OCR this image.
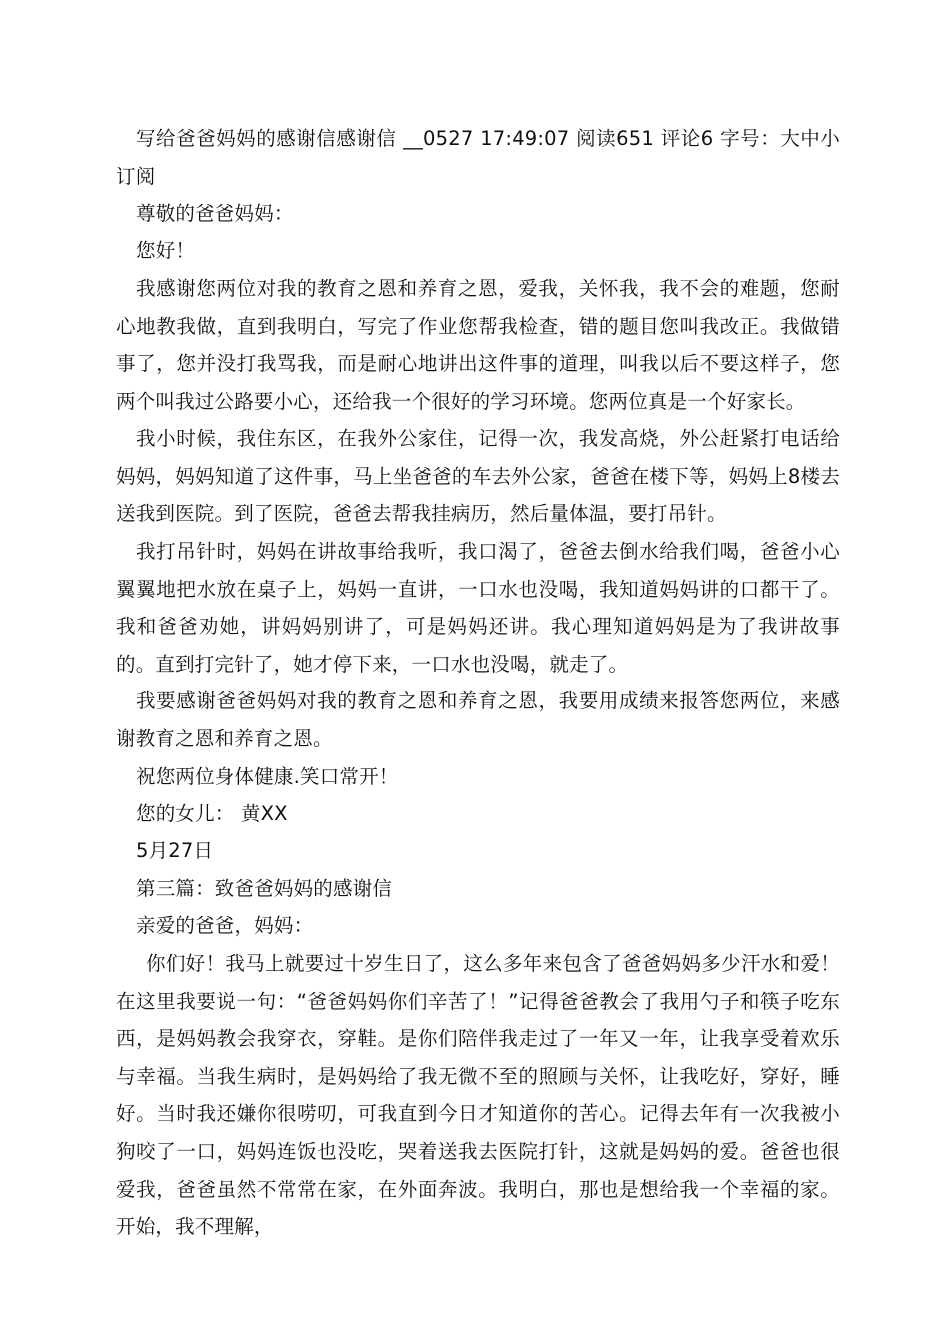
写给爸爸妈妈的感谢信感谢信 __0527 17:49:07 阅读651 评论6 字号：大中小 订阅

尊敬的爸爸妈妈：

您好！

我感谢您两位对我的教育之恩和养育之恩，爱我，关怀我，我不会的难题，您耐心地教我做，直到我明白，写完了作业您帮我检查，错的题目您叫我改正。我做错事了，您并没打我骂我，而是耐心地讲出这件事的道理，叫我以后不要这样子，您两个叫我过公路要小心，还给我一个很好的学习环境。您两位真是一个好家长。

我小时候，我住东区，在我外公家住，记得一次，我发高烧，外公赶紧打电话给妈妈，妈妈知道了这件事，马上坐爸爸的车去外公家，爸爸在楼下等，妈妈上8楼去送我到医院。到了医院，爸爸去帮我挂病历，然后量体温，要打吊针。

我打吊针时，妈妈在讲故事给我听，我口渴了，爸爸去倒水给我们喝，爸爸小心翼翼地把水放在桌子上，妈妈一直讲，一口水也没喝，我知道妈妈讲的口都干了。我和爸爸劝她，讲妈妈别讲了，可是妈妈还讲。我心理知道妈妈是为了我讲故事的。直到打完针了，她才停下来，一口水也没喝，就走了。

我要感谢爸爸妈妈对我的教育之恩和养育之恩，我要用成绩来报答您两位，来感谢教育之恩和养育之恩。

祝您两位身体健康.笑口常开！

您的女儿： 黄XX

5月27日

第三篇：致爸爸妈妈的感谢信

亲爱的爸爸，妈妈：

你们好！我马上就要过十岁生日了，这么多年来包含了爸爸妈妈多少汗水和爱！在这里我要说一句：“爸爸妈妈你们辛苦了！”记得爸爸教会了我用勺子和筷子吃东西，是妈妈教会我穿衣，穿鞋。是你们陪伴我走过了一年又一年，让我享受着欢乐与幸福。当我生病时，是妈妈给了我无微不至的照顾与关怀，让我吃好，穿好，睡好。当时我还嫌你很唠叨，可我直到今日才知道你的苦心。记得去年有一次我被小狗咬了一口，妈妈连饭也没吃，哭着送我去医院打针，这就是妈妈的爱。爸爸也很爱我，爸爸虽然不常常在家，在外面奔波。我明白，那也是想给我一个幸福的家。开始，我不理解，
